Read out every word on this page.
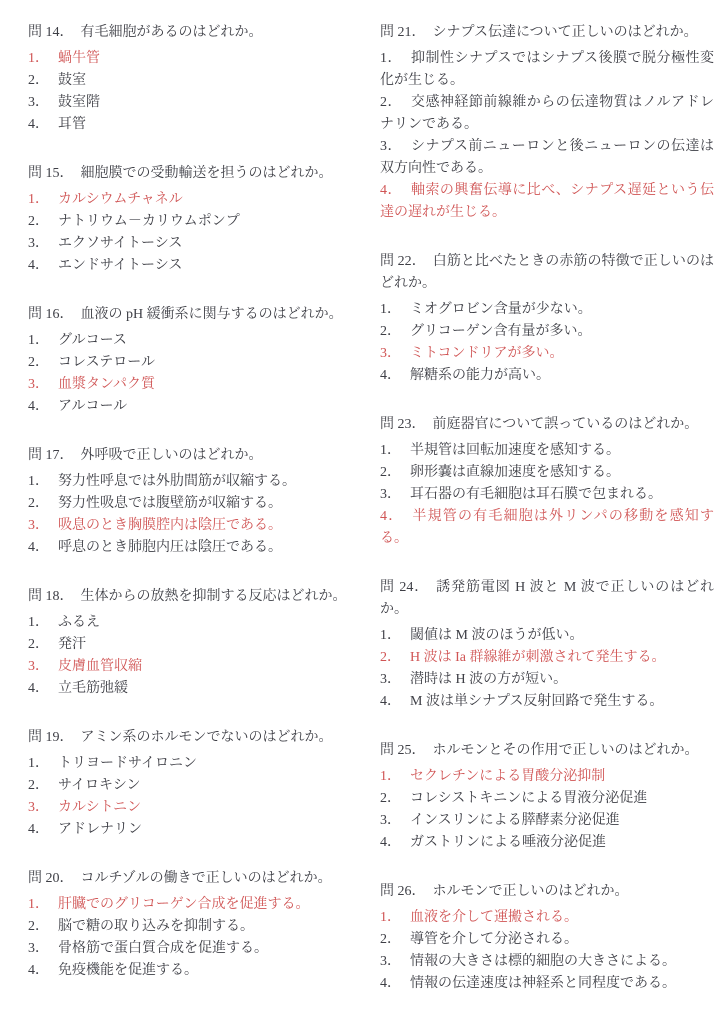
問 14． 有毛細胞があるのはどれか。
1． 蝸牛管
2． 鼓室
3． 鼓室階
4． 耳管
問 15． 細胞膜での受動輸送を担うのはどれか。
1． カルシウムチャネル
2． ナトリウム－カリウムポンプ
3． エクソサイトーシス
4． エンドサイトーシス
問 16． 血液の pH 緩衝系に関与するのはどれか。
1． グルコース
2． コレステロール
3． 血漿タンパク質
4． アルコール
問 17． 外呼吸で正しいのはどれか。
1． 努力性呼息では外肋間筋が収縮する。
2． 努力性吸息では腹壁筋が収縮する。
3． 吸息のとき胸膜腔内は陰圧である。
4． 呼息のとき肺胞内圧は陰圧である。
問 18． 生体からの放熱を抑制する反応はどれか。
1． ふるえ
2． 発汗
3． 皮膚血管収縮
4． 立毛筋弛緩
問 19． アミン系のホルモンでないのはどれか。
1． トリヨードサイロニン
2． サイロキシン
3． カルシトニン
4． アドレナリン
問 20． コルチゾルの働きで正しいのはどれか。
1． 肝臓でのグリコーゲン合成を促進する。
2． 脳で糖の取り込みを抑制する。
3． 骨格筋で蛋白質合成を促進する。
4． 免疫機能を促進する。
問 21． シナプス伝達について正しいのはどれか。
1． 抑制性シナプスではシナプス後膜で脱分極性変化が生じる。
2． 交感神経節前線維からの伝達物質はノルアドレナリンである。
3． シナプス前ニューロンと後ニューロンの伝達は双方向性である。
4． 軸索の興奮伝導に比べ、シナプス遅延という伝達の遅れが生じる。
問 22． 白筋と比べたときの赤筋の特徴で正しいのはどれか。
1． ミオグロビン含量が少ない。
2． グリコーゲン含有量が多い。
3． ミトコンドリアが多い。
4． 解糖系の能力が高い。
問 23． 前庭器官について誤っているのはどれか。
1． 半規管は回転加速度を感知する。
2． 卵形嚢は直線加速度を感知する。
3． 耳石器の有毛細胞は耳石膜で包まれる。
4． 半規管の有毛細胞は外リンパの移動を感知する。
問 24． 誘発筋電図 H 波と M 波で正しいのはどれか。
1． 閾値は M 波のほうが低い。
2． H 波は Ia 群線維が刺激されて発生する。
3． 潜時は H 波の方が短い。
4． M 波は単シナプス反射回路で発生する。
問 25． ホルモンとその作用で正しいのはどれか。
1． セクレチンによる胃酸分泌抑制
2． コレシストキニンによる胃液分泌促進
3． インスリンによる膵酵素分泌促進
4． ガストリンによる唾液分泌促進
問 26． ホルモンで正しいのはどれか。
1． 血液を介して運搬される。
2． 導管を介して分泌される。
3． 情報の大きさは標的細胞の大きさによる。
4． 情報の伝達速度は神経系と同程度である。
